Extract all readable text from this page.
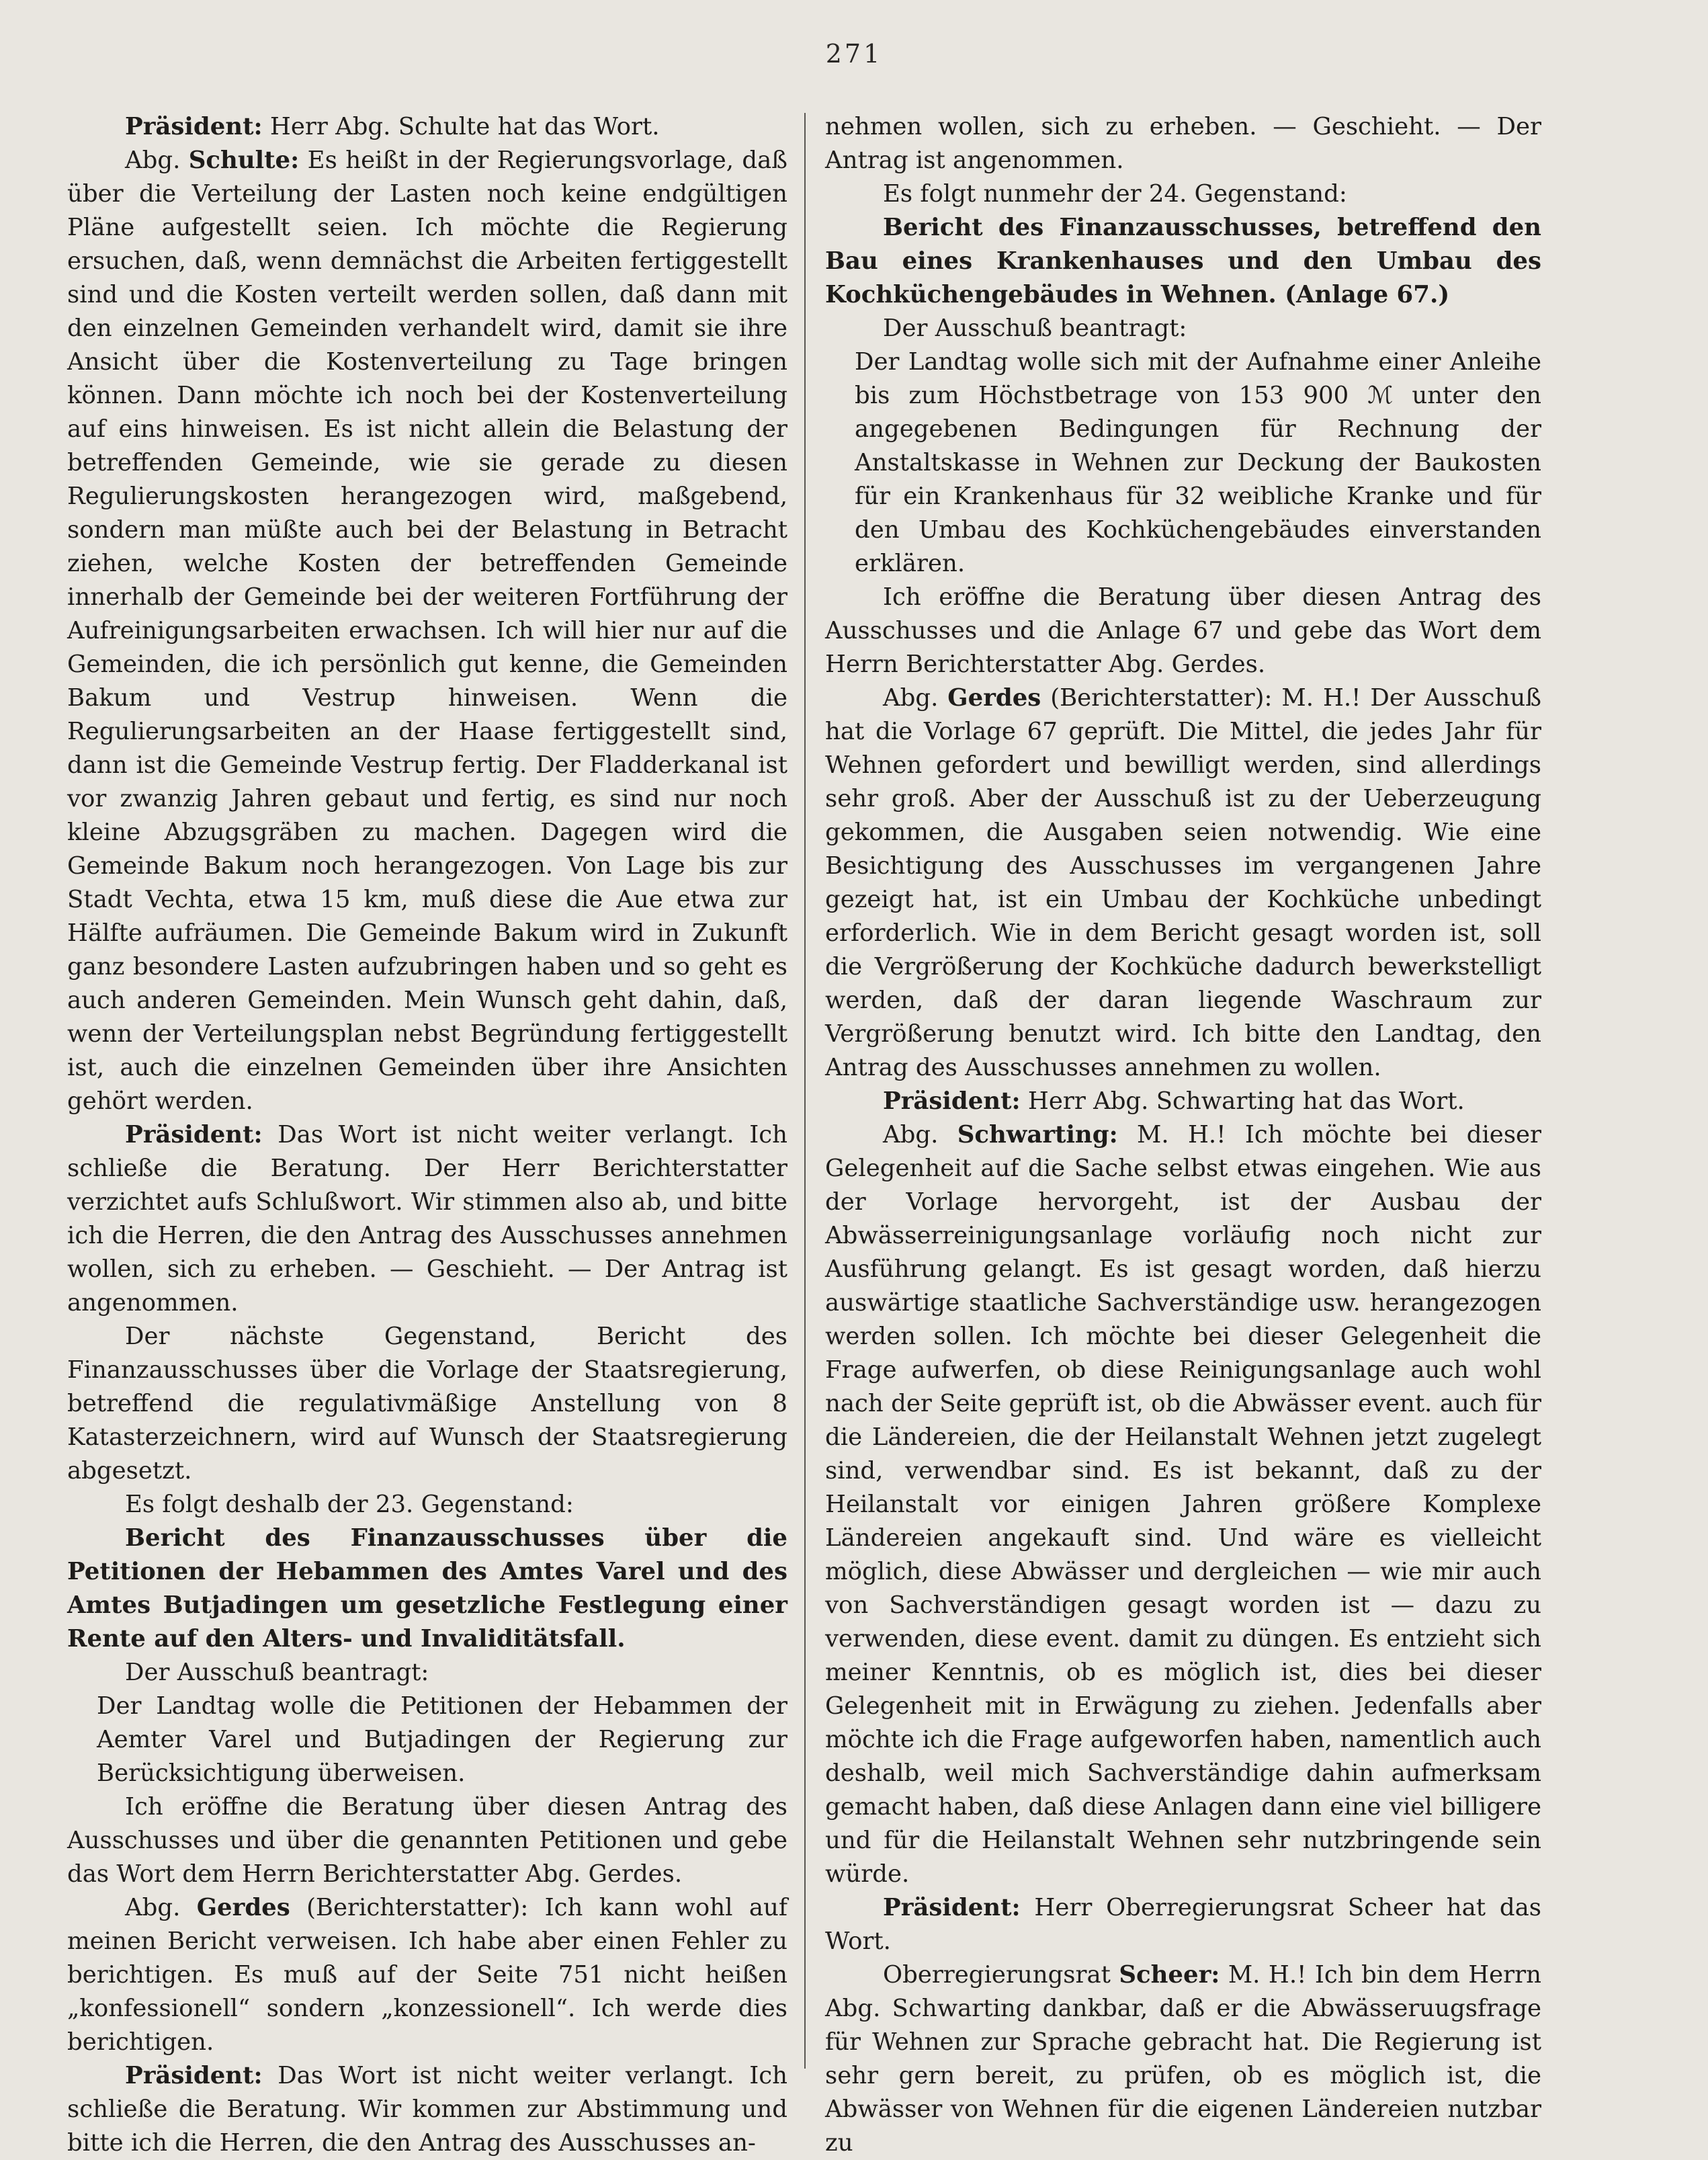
271

Präsident: Herr Abg. Schulte hat das Wort.

Abg. Schulte: Es heißt in der Regierungsvorlage, daß über die Verteilung der Lasten noch keine endgültigen Pläne aufgestellt seien. Ich möchte die Regierung ersuchen, daß, wenn demnächst die Arbeiten fertiggestellt sind und die Kosten verteilt werden sollen, daß dann mit den einzelnen Gemeinden verhandelt wird, damit sie ihre Ansicht über die Kostenverteilung zu Tage bringen können. Dann möchte ich noch bei der Kostenverteilung auf eins hinweisen. Es ist nicht allein die Belastung der betreffenden Gemeinde, wie sie gerade zu diesen Regulierungskosten herangezogen wird, maßgebend, sondern man müßte auch bei der Belastung in Betracht ziehen, welche Kosten der betreffenden Gemeinde innerhalb der Gemeinde bei der weiteren Fortführung der Aufreinigungsarbeiten erwachsen. Ich will hier nur auf die Gemeinden, die ich persönlich gut kenne, die Gemeinden Bakum und Vestrup hinweisen. Wenn die Regulierungsarbeiten an der Haase fertiggestellt sind, dann ist die Gemeinde Vestrup fertig. Der Fladderkanal ist vor zwanzig Jahren gebaut und fertig, es sind nur noch kleine Abzugsgräben zu machen. Dagegen wird die Gemeinde Bakum noch herangezogen. Von Lage bis zur Stadt Vechta, etwa 15 km, muß diese die Aue etwa zur Hälfte aufräumen. Die Gemeinde Bakum wird in Zukunft ganz besondere Lasten aufzubringen haben und so geht es auch anderen Gemeinden. Mein Wunsch geht dahin, daß, wenn der Verteilungsplan nebst Begründung fertiggestellt ist, auch die einzelnen Gemeinden über ihre Ansichten gehört werden.

Präsident: Das Wort ist nicht weiter verlangt. Ich schließe die Beratung. Der Herr Berichterstatter verzichtet aufs Schlußwort. Wir stimmen also ab, und bitte ich die Herren, die den Antrag des Ausschusses annehmen wollen, sich zu erheben. — Geschieht. — Der Antrag ist angenommen.

Der nächste Gegenstand, Bericht des Finanzausschusses über die Vorlage der Staatsregierung, betreffend die regulativmäßige Anstellung von 8 Katasterzeichnern, wird auf Wunsch der Staatsregierung abgesetzt.

Es folgt deshalb der 23. Gegenstand:

Bericht des Finanzausschusses über die Petitionen der Hebammen des Amtes Varel und des Amtes Butjadingen um gesetzliche Festlegung einer Rente auf den Alters- und Invaliditätsfall.

Der Ausschuß beantragt:

Der Landtag wolle die Petitionen der Hebammen der Aemter Varel und Butjadingen der Regierung zur Berücksichtigung überweisen.

Ich eröffne die Beratung über diesen Antrag des Ausschusses und über die genannten Petitionen und gebe das Wort dem Herrn Berichterstatter Abg. Gerdes.

Abg. Gerdes (Berichterstatter): Ich kann wohl auf meinen Bericht verweisen. Ich habe aber einen Fehler zu berichtigen. Es muß auf der Seite 751 nicht heißen „konfessionell“ sondern „konzessionell“. Ich werde dies berichtigen.

Präsident: Das Wort ist nicht weiter verlangt. Ich schließe die Beratung. Wir kommen zur Abstimmung und bitte ich die Herren, die den Antrag des Ausschusses an-

nehmen wollen, sich zu erheben. — Geschieht. — Der Antrag ist angenommen.

Es folgt nunmehr der 24. Gegenstand:

Bericht des Finanzausschusses, betreffend den Bau eines Krankenhauses und den Umbau des Kochküchengebäudes in Wehnen. (Anlage 67.)

Der Ausschuß beantragt:

Der Landtag wolle sich mit der Aufnahme einer Anleihe bis zum Höchstbetrage von 153 900 ℳ unter den angegebenen Bedingungen für Rechnung der Anstaltskasse in Wehnen zur Deckung der Baukosten für ein Krankenhaus für 32 weibliche Kranke und für den Umbau des Kochküchengebäudes einverstanden erklären.

Ich eröffne die Beratung über diesen Antrag des Ausschusses und die Anlage 67 und gebe das Wort dem Herrn Berichterstatter Abg. Gerdes.

Abg. Gerdes (Berichterstatter): M. H.! Der Ausschuß hat die Vorlage 67 geprüft. Die Mittel, die jedes Jahr für Wehnen gefordert und bewilligt werden, sind allerdings sehr groß. Aber der Ausschuß ist zu der Ueberzeugung gekommen, die Ausgaben seien notwendig. Wie eine Besichtigung des Ausschusses im vergangenen Jahre gezeigt hat, ist ein Umbau der Kochküche unbedingt erforderlich. Wie in dem Bericht gesagt worden ist, soll die Vergrößerung der Kochküche dadurch bewerkstelligt werden, daß der daran liegende Waschraum zur Vergrößerung benutzt wird. Ich bitte den Landtag, den Antrag des Ausschusses annehmen zu wollen.

Präsident: Herr Abg. Schwarting hat das Wort.

Abg. Schwarting: M. H.! Ich möchte bei dieser Gelegenheit auf die Sache selbst etwas eingehen. Wie aus der Vorlage hervorgeht, ist der Ausbau der Abwässerreinigungsanlage vorläufig noch nicht zur Ausführung gelangt. Es ist gesagt worden, daß hierzu auswärtige staatliche Sachverständige usw. herangezogen werden sollen. Ich möchte bei dieser Gelegenheit die Frage aufwerfen, ob diese Reinigungsanlage auch wohl nach der Seite geprüft ist, ob die Abwässer event. auch für die Ländereien, die der Heilanstalt Wehnen jetzt zugelegt sind, verwendbar sind. Es ist bekannt, daß zu der Heilanstalt vor einigen Jahren größere Komplexe Ländereien angekauft sind. Und wäre es vielleicht möglich, diese Abwässer und dergleichen — wie mir auch von Sachverständigen gesagt worden ist — dazu zu verwenden, diese event. damit zu düngen. Es entzieht sich meiner Kenntnis, ob es möglich ist, dies bei dieser Gelegenheit mit in Erwägung zu ziehen. Jedenfalls aber möchte ich die Frage aufgeworfen haben, namentlich auch deshalb, weil mich Sachverständige dahin aufmerksam gemacht haben, daß diese Anlagen dann eine viel billigere und für die Heilanstalt Wehnen sehr nutzbringende sein würde.

Präsident: Herr Oberregierungsrat Scheer hat das Wort.

Oberregierungsrat Scheer: M. H.! Ich bin dem Herrn Abg. Schwarting dankbar, daß er die Abwässeruugsfrage für Wehnen zur Sprache gebracht hat. Die Regierung ist sehr gern bereit, zu prüfen, ob es möglich ist, die Abwässer von Wehnen für die eigenen Ländereien nutzbar zu
